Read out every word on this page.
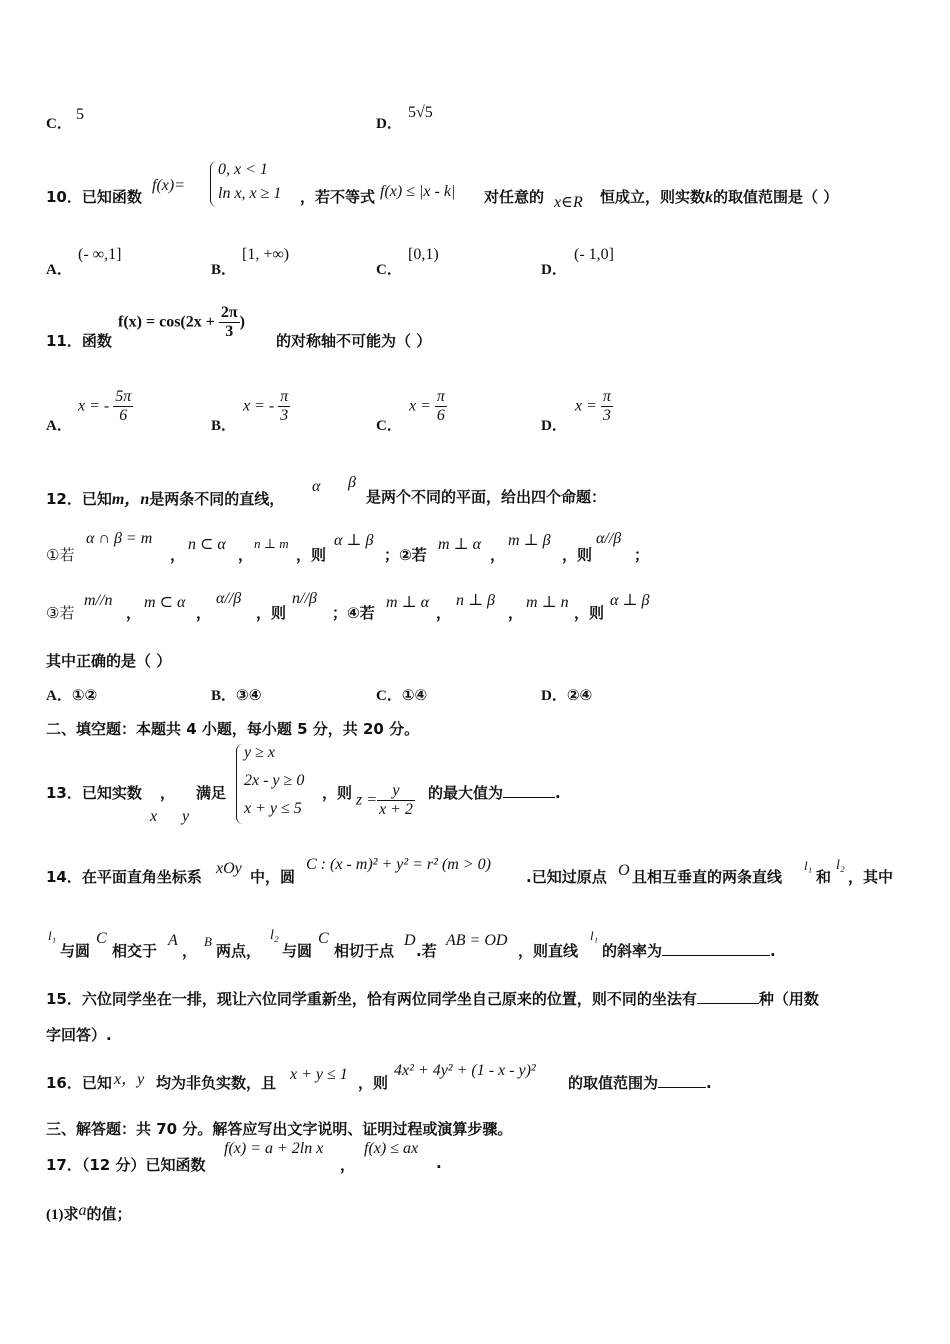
C．
5
D．
5√5
10．已知函数
f(x)=
0, x < 1
ln x, x ≥ 1 ，若不等式 f(x) ≤ |x - k| 对任意的 x∈R 恒成立，则实数k的取值范围是（ ）
A．
(- ∞,1]
B．
[1, +∞)
C．
[0,1)
D．
(- 1,0]
11．函数
$f(x) = \cos(2x + \frac{2\pi}{3}$ )
的对称轴不可能为（ ）
A．
x = - $\frac{5\pi}{6}$
B．
x = - $\frac{\pi}{3}$
C．
$x = \frac{\pi}{6}$
D．
$x = \frac{\pi}{3}$
12．已知m，n是两条不同的直线，
α β
是两个不同的平面，给出四个命题：
①若
α ∩ β = m
，
n ⊂ α
，
n ⊥ m
，则
α ⊥ β
；②若
m ⊥ α
，
m ⊥ β
，则
α//β
；
③若
m//n
，
m ⊂ α
，
α//β
，则
n//β
；④若
m ⊥ α
，
n ⊥ β
，
m ⊥ n
，则
α ⊥ β
其中正确的是（ ）
A．①②	B．③④	C．①④	D．②④
二、填空题：本题共 4 小题，每小题 5 分，共 20 分。
13．已知实数 ， 满足
x y
y ≥ x
2x - y ≥ 0
x + y ≤ 5
，则 $z = \frac{y}{x + 2}$ 的最大值为	.
14．在平面直角坐标系 xOy 中，圆
C : (x - m)² + y² = r² (m > 0)
.已知过原点 O 且相互垂直的两条直线
l₁
和
l₂
，其中
l₁
与圆
C
相交于
A
，
B
两点，
l₂
与圆
C
相切于点
D
.若
AB = OD
，则直线
l₁
的斜率为	.
15．六位同学坐在一排，现让六位同学重新坐，恰有两位同学坐自己原来的位置，则不同的坐法有	种（用数
字回答）.
16．已知 x，y 均为非负实数，且 x + y ≤ 1 ，则
4x² + 4y² + (1 - x - y)²
的取值范围为	.
三、解答题：共 70 分。解答应写出文字说明、证明过程或演算步骤。
17．（12 分）已知函数
f(x) = a + 2ln x
，
f(x) ≤ ax
.
(1)求a的值；
